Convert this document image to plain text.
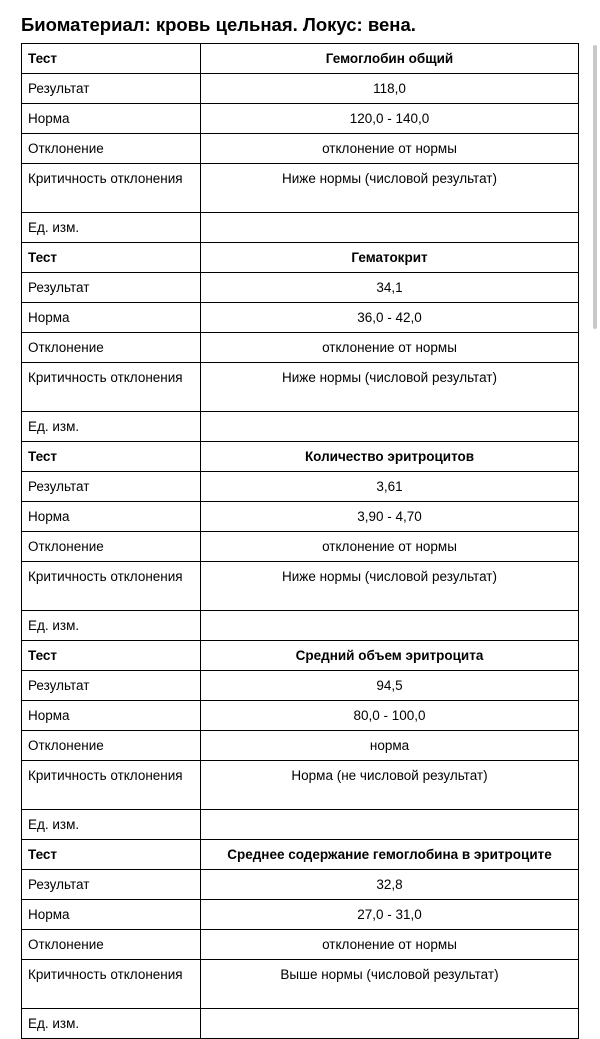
Биоматериал: кровь цельная. Локус: вена.
Тест	Гемоглобин общий
Результат	118,0
Норма	120,0 - 140,0
Отклонение	отклонение от нормы
Критичность отклонения	Ниже нормы (числовой результат)
Ед. изм.	
Тест	Гематокрит
Результат	34,1
Норма	36,0 - 42,0
Отклонение	отклонение от нормы
Критичность отклонения	Ниже нормы (числовой результат)
Ед. изм.	
Тест	Количество эритроцитов
Результат	3,61
Норма	3,90 - 4,70
Отклонение	отклонение от нормы
Критичность отклонения	Ниже нормы (числовой результат)
Ед. изм.	
Тест	Средний объем эритроцита
Результат	94,5
Норма	80,0 - 100,0
Отклонение	норма
Критичность отклонения	Норма (не числовой результат)
Ед. изм.	
Тест	Среднее содержание гемоглобина в эритроците
Результат	32,8
Норма	27,0 - 31,0
Отклонение	отклонение от нормы
Критичность отклонения	Выше нормы (числовой результат)
Ед. изм.	
